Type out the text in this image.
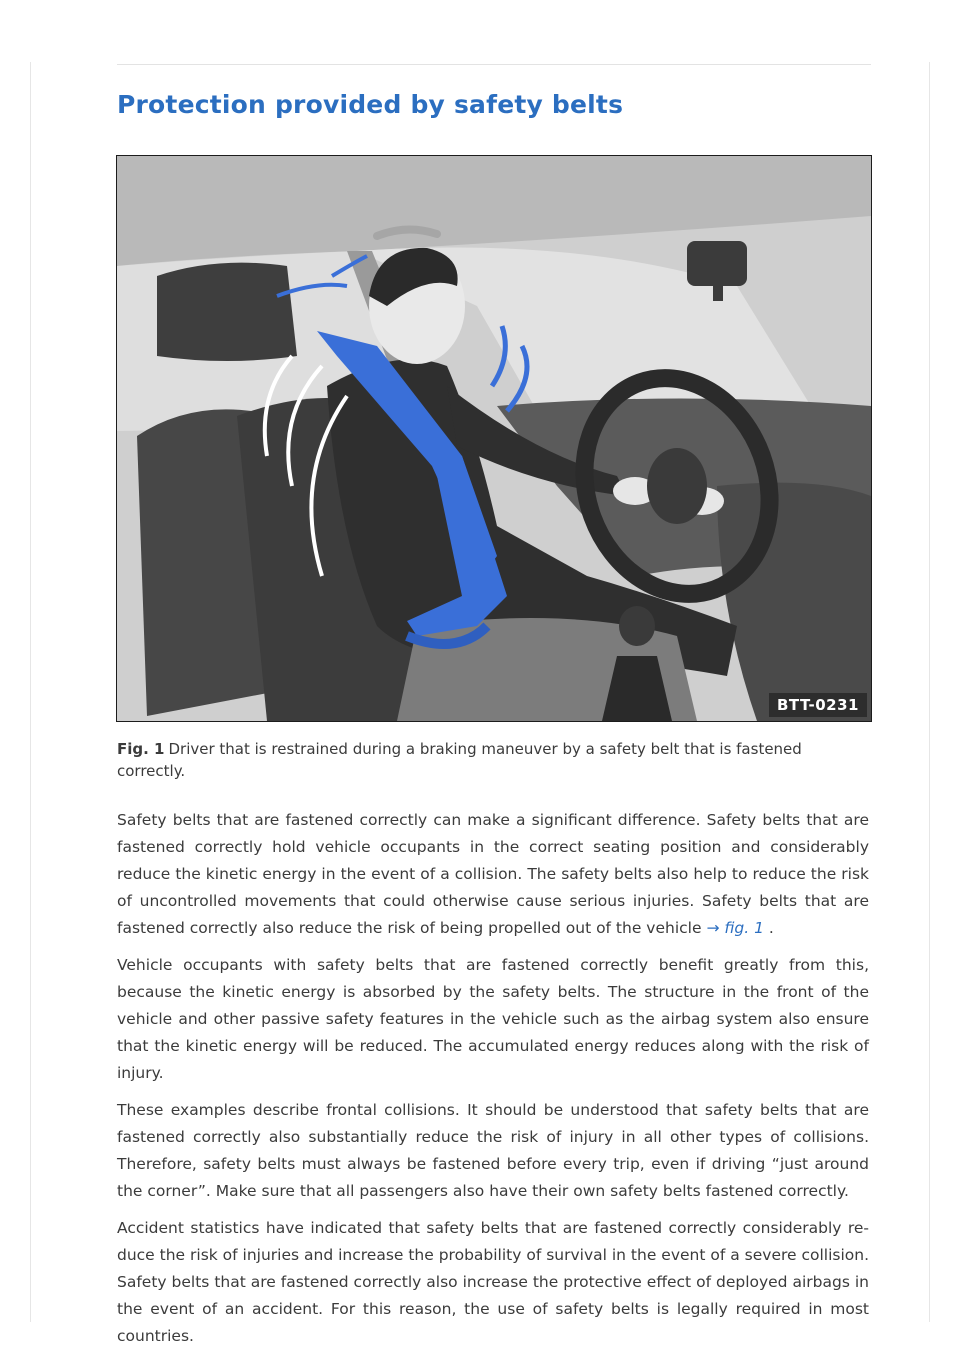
Protection provided by safety belts
BTT-0231

Fig. 1 Driver that is restrained during a braking maneuver by a safety belt that is fastened correctly.

Safety belts that are fastened correctly can make a significant difference. Safety belts that are fastened correctly hold vehicle occupants in the correct seating position and considerably reduce the kinetic energy in the event of a collision. The safety belts also help to reduce the risk of uncontrolled movements that could otherwise cause serious injuries. Safety belts that are fastened correctly also reduce the risk of being propelled out of the vehicle → fig. 1 .

Vehicle occupants with safety belts that are fastened correctly benefit greatly from this, because the kinetic energy is absorbed by the safety belts. The structure in the front of the vehicle and other passive safety features in the vehicle such as the airbag system also ensure that the kinetic energy will be reduced. The accumulated energy reduces along with the risk of injury.

These examples describe frontal collisions. It should be understood that safety belts that are fastened correctly also substantially reduce the risk of injury in all other types of collisions. Therefore, safety belts must always be fastened before every trip, even if driving “just around the corner”. Make sure that all passengers also have their own safety belts fastened correctly.

Accident statistics have indicated that safety belts that are fastened correctly considerably reduce the risk of injuries and increase the probability of survival in the event of a severe collision. Safety belts that are fastened correctly also increase the protective effect of deployed airbags in the event of an accident. For this reason, the use of safety belts is legally required in most countries.
